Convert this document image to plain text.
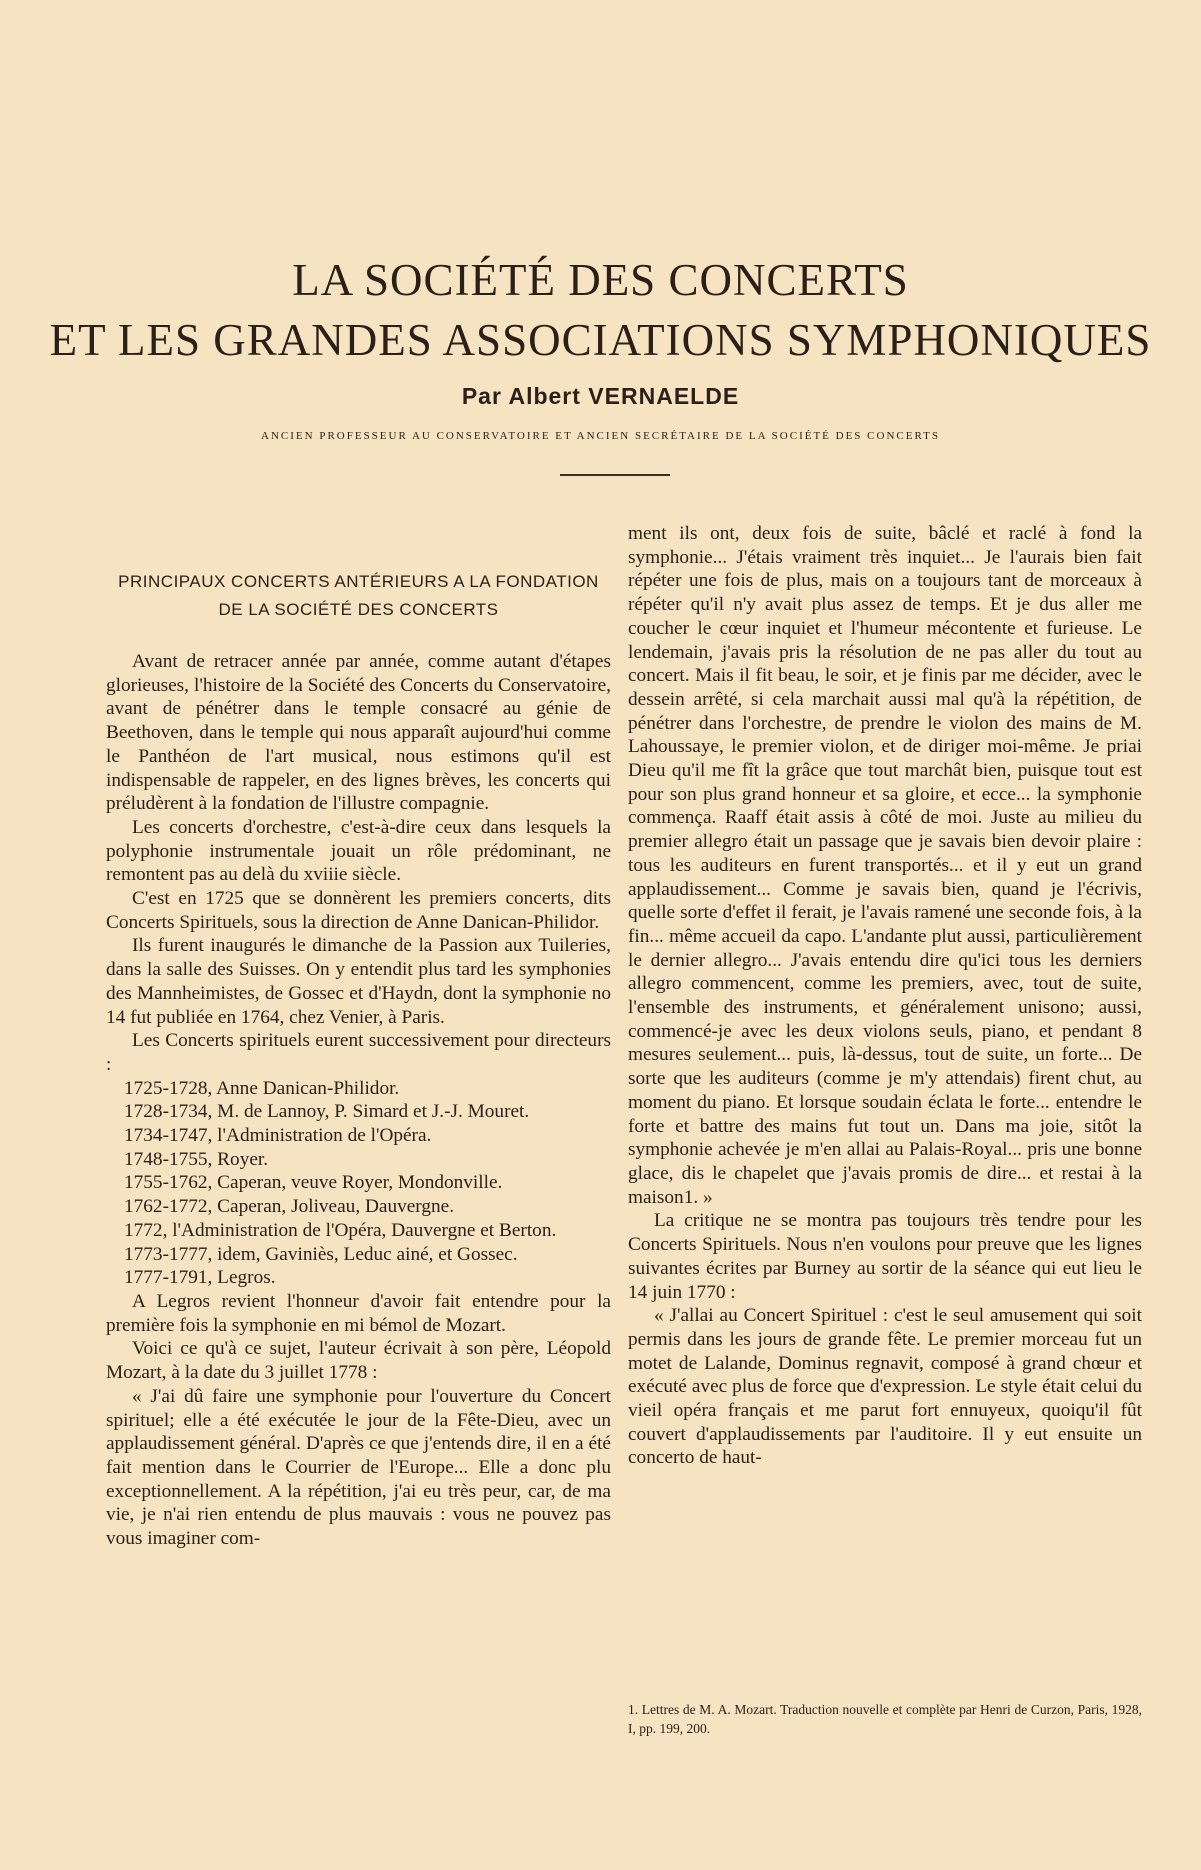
LA SOCIÉTÉ DES CONCERTS
ET LES GRANDES ASSOCIATIONS SYMPHONIQUES
Par Albert VERNAELDE
ANCIEN PROFESSEUR AU CONSERVATOIRE ET ANCIEN SECRÉTAIRE DE LA SOCIÉTÉ DES CONCERTS
PRINCIPAUX CONCERTS ANTÉRIEURS A LA FONDATION DE LA SOCIÉTÉ DES CONCERTS

Avant de retracer année par année, comme autant d'étapes glorieuses, l'histoire de la Société des Concerts du Conservatoire, avant de pénétrer dans le temple consacré au génie de Beethoven, dans le temple qui nous apparaît aujourd'hui comme le Panthéon de l'art musical, nous estimons qu'il est indispensable de rappeler, en des lignes brèves, les concerts qui préludèrent à la fondation de l'illustre compagnie.

Les concerts d'orchestre, c'est-à-dire ceux dans lesquels la polyphonie instrumentale jouait un rôle prédominant, ne remontent pas au delà du xviiie siècle.

C'est en 1725 que se donnèrent les premiers concerts, dits Concerts Spirituels, sous la direction de Anne Danican-Philidor.

Ils furent inaugurés le dimanche de la Passion aux Tuileries, dans la salle des Suisses. On y entendit plus tard les symphonies des Mannheimistes, de Gossec et d'Haydn, dont la symphonie no 14 fut publiée en 1764, chez Venier, à Paris.

Les Concerts spirituels eurent successivement pour directeurs :

1725-1728, Anne Danican-Philidor.

1728-1734, M. de Lannoy, P. Simard et J.-J. Mouret.

1734-1747, l'Administration de l'Opéra.

1748-1755, Royer.

1755-1762, Caperan, veuve Royer, Mondonville.

1762-1772, Caperan, Joliveau, Dauvergne.

1772, l'Administration de l'Opéra, Dauvergne et Berton.

1773-1777, idem, Gaviniès, Leduc ainé, et Gossec.

1777-1791, Legros.

A Legros revient l'honneur d'avoir fait entendre pour la première fois la symphonie en mi bémol de Mozart.

Voici ce qu'à ce sujet, l'auteur écrivait à son père, Léopold Mozart, à la date du 3 juillet 1778 :

« J'ai dû faire une symphonie pour l'ouverture du Concert spirituel; elle a été exécutée le jour de la Fête-Dieu, avec un applaudissement général. D'après ce que j'entends dire, il en a été fait mention dans le Courrier de l'Europe... Elle a donc plu exceptionnellement. A la répétition, j'ai eu très peur, car, de ma vie, je n'ai rien entendu de plus mauvais : vous ne pouvez pas vous imaginer com-

ment ils ont, deux fois de suite, bâclé et raclé à fond la symphonie... J'étais vraiment très inquiet... Je l'aurais bien fait répéter une fois de plus, mais on a toujours tant de morceaux à répéter qu'il n'y avait plus assez de temps. Et je dus aller me coucher le cœur inquiet et l'humeur mécontente et furieuse. Le lendemain, j'avais pris la résolution de ne pas aller du tout au concert. Mais il fit beau, le soir, et je finis par me décider, avec le dessein arrêté, si cela marchait aussi mal qu'à la répétition, de pénétrer dans l'orchestre, de prendre le violon des mains de M. Lahoussaye, le premier violon, et de diriger moi-même. Je priai Dieu qu'il me fît la grâce que tout marchât bien, puisque tout est pour son plus grand honneur et sa gloire, et ecce... la symphonie commença. Raaff était assis à côté de moi. Juste au milieu du premier allegro était un passage que je savais bien devoir plaire : tous les auditeurs en furent transportés... et il y eut un grand applaudissement... Comme je savais bien, quand je l'écrivis, quelle sorte d'effet il ferait, je l'avais ramené une seconde fois, à la fin... même accueil da capo. L'andante plut aussi, particulièrement le dernier allegro... J'avais entendu dire qu'ici tous les derniers allegro commencent, comme les premiers, avec, tout de suite, l'ensemble des instruments, et généralement unisono; aussi, commencé-je avec les deux violons seuls, piano, et pendant 8 mesures seulement... puis, là-dessus, tout de suite, un forte... De sorte que les auditeurs (comme je m'y attendais) firent chut, au moment du piano. Et lorsque soudain éclata le forte... entendre le forte et battre des mains fut tout un. Dans ma joie, sitôt la symphonie achevée je m'en allai au Palais-Royal... pris une bonne glace, dis le chapelet que j'avais promis de dire... et restai à la maison1. »

La critique ne se montra pas toujours très tendre pour les Concerts Spirituels. Nous n'en voulons pour preuve que les lignes suivantes écrites par Burney au sortir de la séance qui eut lieu le 14 juin 1770 :

« J'allai au Concert Spirituel : c'est le seul amusement qui soit permis dans les jours de grande fête. Le premier morceau fut un motet de Lalande, Dominus regnavit, composé à grand chœur et exécuté avec plus de force que d'expression. Le style était celui du vieil opéra français et me parut fort ennuyeux, quoiqu'il fût couvert d'applaudissements par l'auditoire. Il y eut ensuite un concerto de haut-

1. Lettres de M. A. Mozart. Traduction nouvelle et complète par Henri de Curzon, Paris, 1928, I, pp. 199, 200.
